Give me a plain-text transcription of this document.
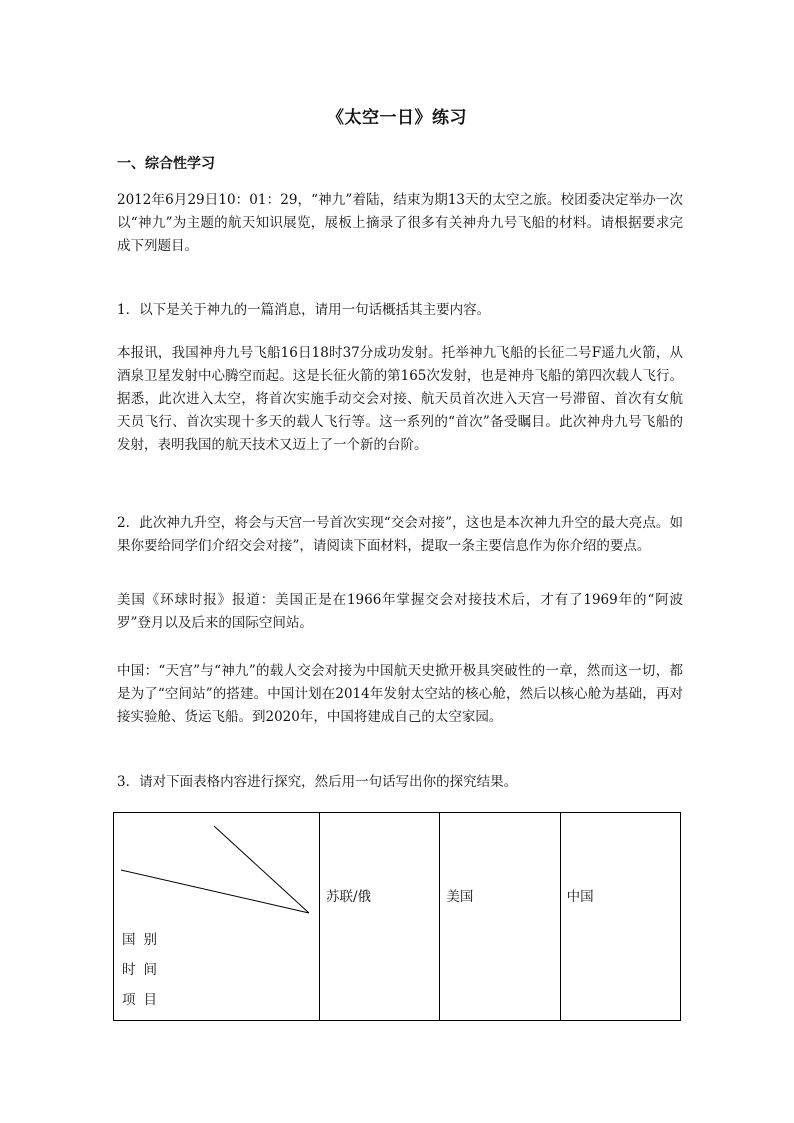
《太空一日》练习
一、综合性学习

2012年6月29日10：01：29，“神九”着陆，结束为期13天的太空之旅。校团委决定举办一次以“神九”为主题的航天知识展览，展板上摘录了很多有关神舟九号飞船的材料。请根据要求完成下列题目。

1．以下是关于神九的一篇消息，请用一句话概括其主要内容。

本报讯，我国神舟九号飞船16日18时37分成功发射。托举神九飞船的长征二号F遥九火箭，从酒泉卫星发射中心腾空而起。这是长征火箭的第165次发射，也是神舟飞船的第四次载人飞行。据悉，此次进入太空，将首次实施手动交会对接、航天员首次进入天宫一号滞留、首次有女航天员飞行、首次实现十多天的载人飞行等。这一系列的“首次”备受瞩目。此次神舟九号飞船的发射，表明我国的航天技术又迈上了一个新的台阶。

2．此次神九升空，将会与天宫一号首次实现“交会对接”，这也是本次神九升空的最大亮点。如果你要给同学们介绍交会对接”，请阅读下面材料，提取一条主要信息作为你介绍的要点。

美国《环球时报》报道：美国正是在1966年掌握交会对接技术后，才有了1969年的“阿波罗”登月以及后来的国际空间站。

中国：“天宫”与“神九”的载人交会对接为中国航天史掀开极具突破性的一章，然而这一切，都是为了“空间站”的搭建。中国计划在2014年发射太空站的核心舱，然后以核心舱为基础，再对接实验舱、货运飞船。到2020年，中国将建成自己的太空家园。

3．请对下面表格内容进行探究，然后用一句话写出你的探究结果。

国别
时间
项目

苏联/俄	美国	中国
